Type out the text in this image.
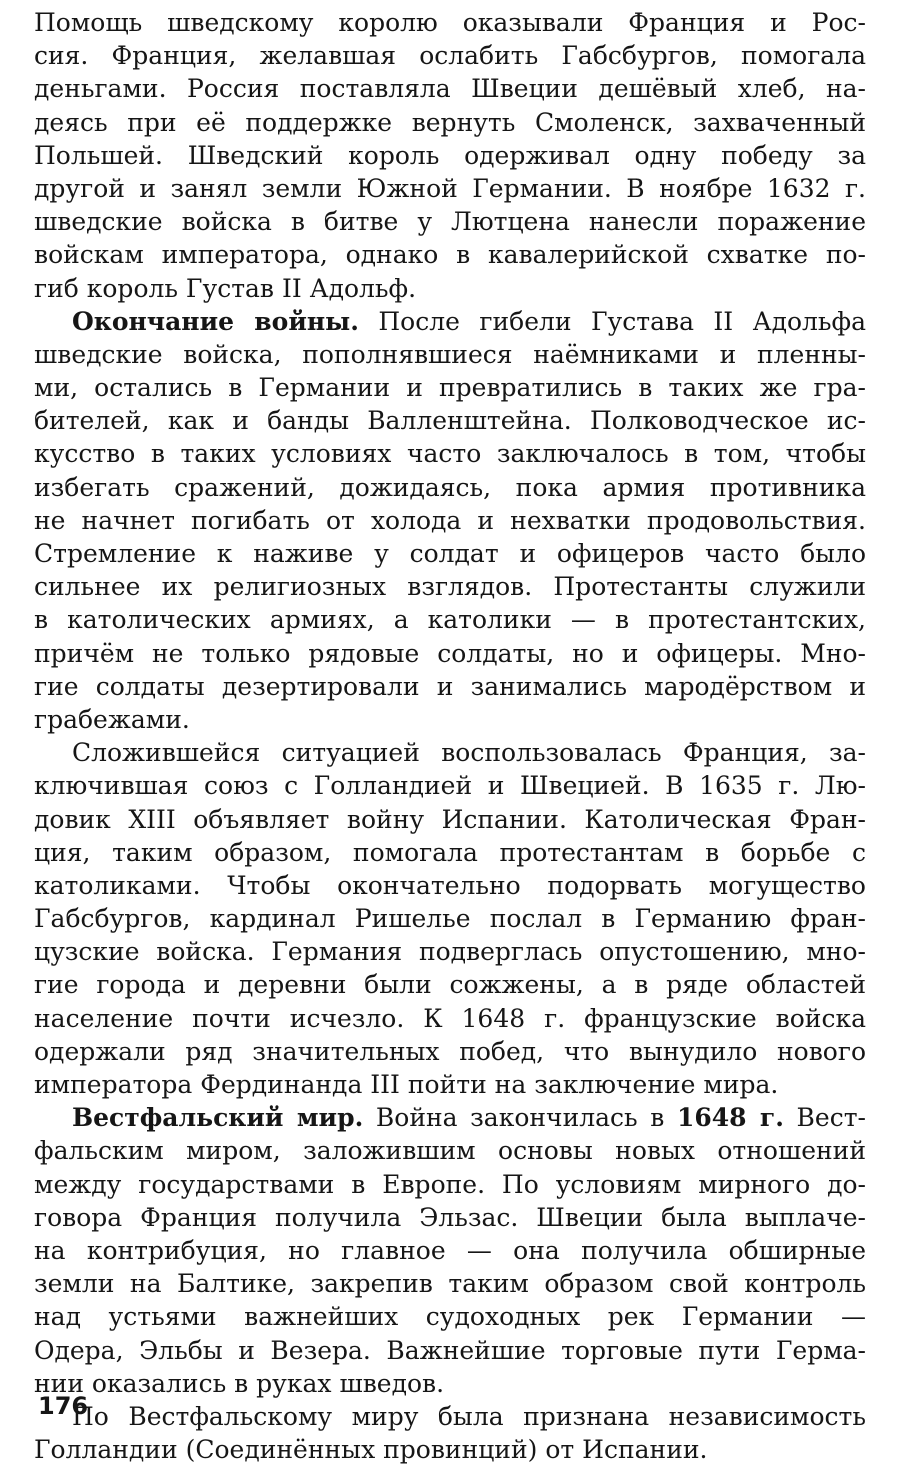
Помощь шведскому королю оказывали Франция и Рос-
сия. Франция, желавшая ослабить Габсбургов, помогала
деньгами. Россия поставляла Швеции дешёвый хлеб, на-
деясь при её поддержке вернуть Смоленск, захваченный
Польшей. Шведский король одерживал одну победу за
другой и занял земли Южной Германии. В ноябре 1632 г.
шведские войска в битве у Лютцена нанесли поражение
войскам императора, однако в кавалерийской схватке по-
гиб король Густав II Адольф.
Окончание войны. После гибели Густава II Адольфа
шведские войска, пополнявшиеся наёмниками и пленны-
ми, остались в Германии и превратились в таких же гра-
бителей, как и банды Валленштейна. Полководческое ис-
кусство в таких условиях часто заключалось в том, чтобы
избегать сражений, дожидаясь, пока армия противника
не начнет погибать от холода и нехватки продовольствия.
Стремление к наживе у солдат и офицеров часто было
сильнее их религиозных взглядов. Протестанты служили
в католических армиях, а католики — в протестантских,
причём не только рядовые солдаты, но и офицеры. Мно-
гие солдаты дезертировали и занимались мародёрством и
грабежами.
Сложившейся ситуацией воспользовалась Франция, за-
ключившая союз с Голландией и Швецией. В 1635 г. Лю-
довик XIII объявляет войну Испании. Католическая Фран-
ция, таким образом, помогала протестантам в борьбе с
католиками. Чтобы окончательно подорвать могущество
Габсбургов, кардинал Ришелье послал в Германию фран-
цузские войска. Германия подверглась опустошению, мно-
гие города и деревни были сожжены, а в ряде областей
население почти исчезло. К 1648 г. французские войска
одержали ряд значительных побед, что вынудило нового
императора Фердинанда III пойти на заключение мира.
Вестфальский мир. Война закончилась в 1648 г. Вест-
фальским миром, заложившим основы новых отношений
между государствами в Европе. По условиям мирного до-
говора Франция получила Эльзас. Швеции была выплаче-
на контрибуция, но главное — она получила обширные
земли на Балтике, закрепив таким образом свой контроль
над устьями важнейших судоходных рек Германии —
Одера, Эльбы и Везера. Важнейшие торговые пути Герма-
нии оказались в руках шведов.
По Вестфальскому миру была признана независимость
Голландии (Соединённых провинций) от Испании.
176
